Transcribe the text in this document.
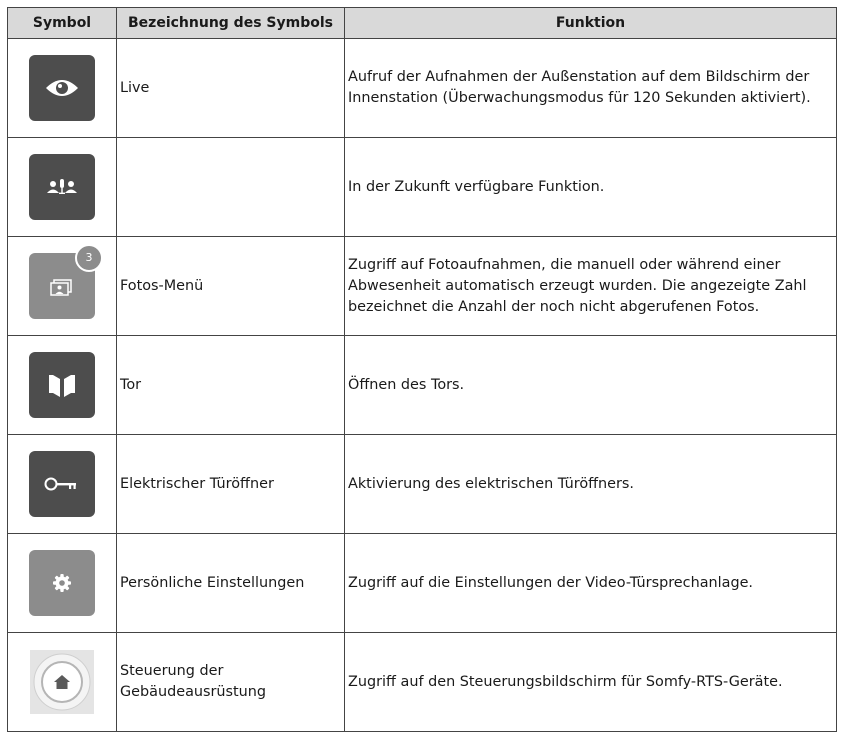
Symbol	Bezeichnung des Symbols	Funktion

	Live	Aufruf der Aufnahmen der Außenstation auf dem Bildschirm der Innenstation (Überwachungsmodus für 120 Sekunden aktiviert).

		In der Zukunft verfügbare Funktion.

3	Fotos-Menü	Zugriff auf Fotoaufnahmen, die manuell oder während einer Abwesenheit automatisch erzeugt wurden. Die angezeigte Zahl bezeichnet die Anzahl der noch nicht abgerufenen Fotos.

	Tor	Öffnen des Tors.

	Elektrischer Türöffner	Aktivierung des elektrischen Türöffners.

	Persönliche Einstellungen	Zugriff auf die Einstellungen der Video-Türsprechanlage.

	Steuerung der Gebäudeausrüstung	Zugriff auf den Steuerungsbildschirm für Somfy-RTS-Geräte.
